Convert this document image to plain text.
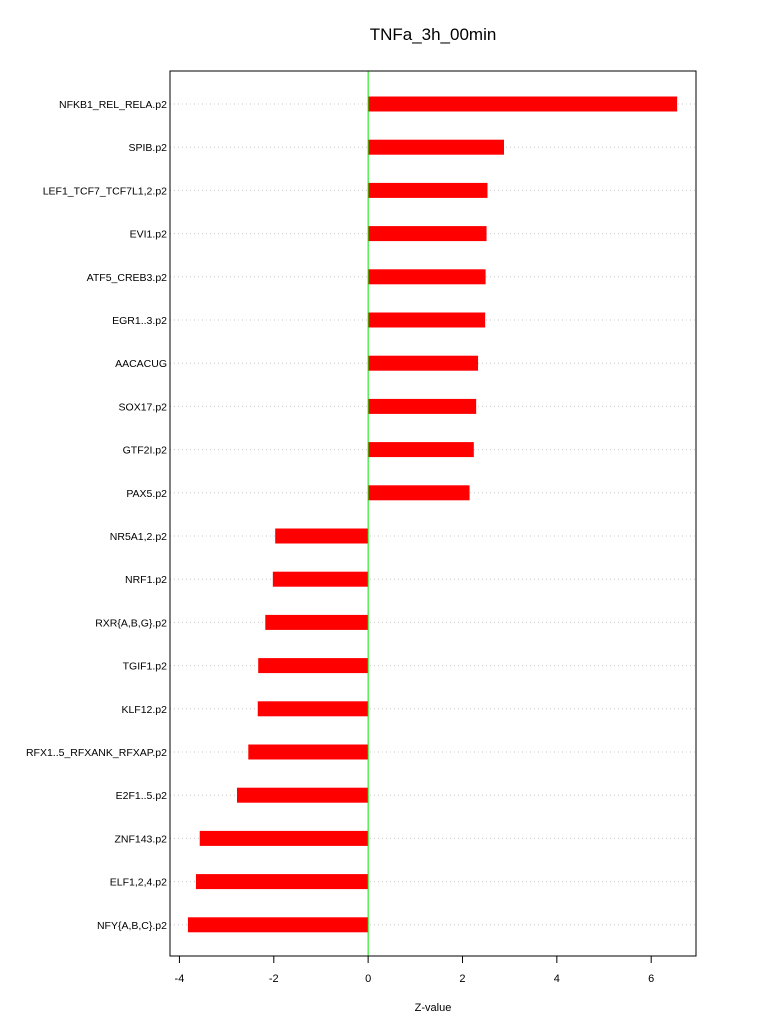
TNFa_3h_00min
-4	-2	0	2	4	6
NFKB1_REL_RELA.p2
SPIB.p2
LEF1_TCF7_TCF7L1,2.p2
EVI1.p2
ATF5_CREB3.p2
EGR1..3.p2
AACACUG
SOX17.p2
GTF2I.p2
PAX5.p2
NR5A1,2.p2
NRF1.p2
RXR{A,B,G}.p2
TGIF1.p2
KLF12.p2
RFX1..5_RFXANK_RFXAP.p2
E2F1..5.p2
ZNF143.p2
ELF1,2,4.p2
NFY{A,B,C}.p2
Z-value
